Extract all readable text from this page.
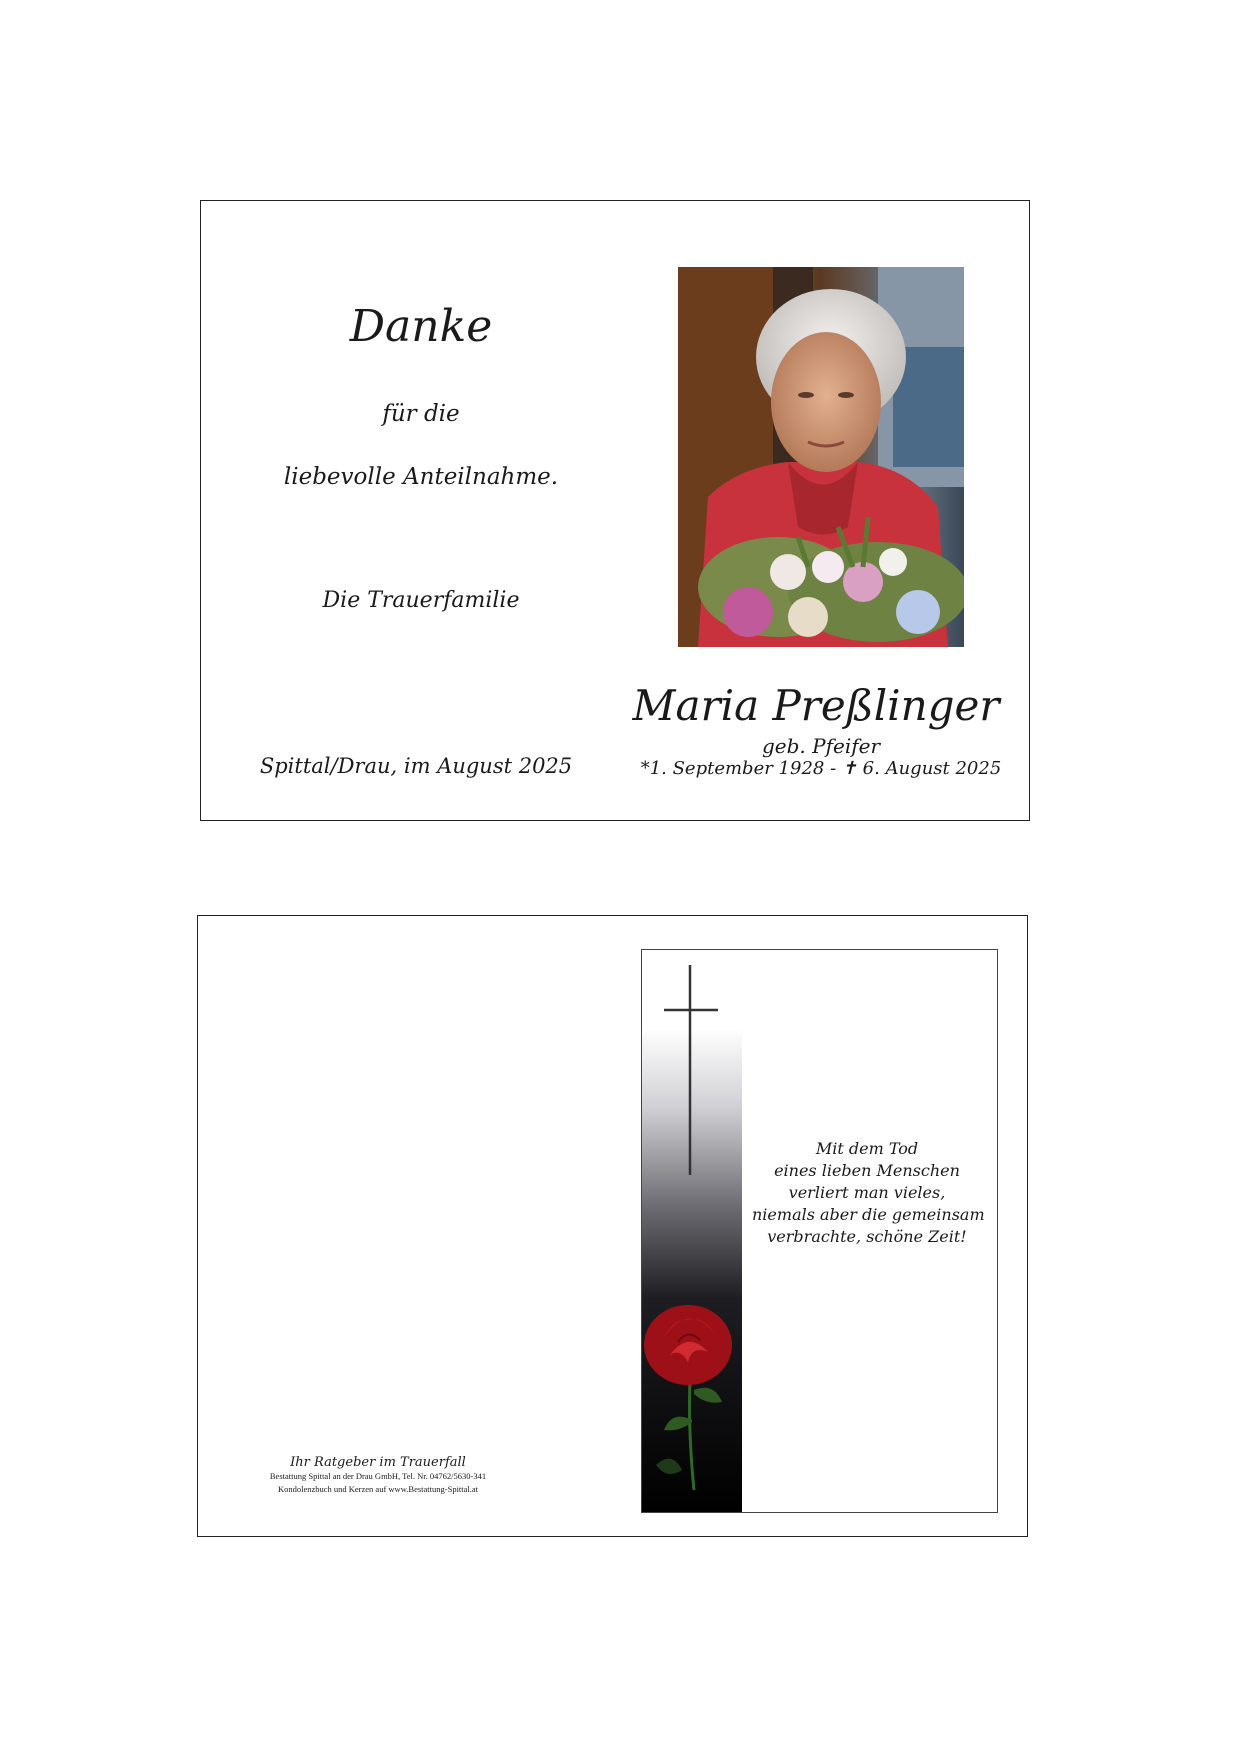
Danke
für die
liebevolle Anteilnahme.
Die Trauerfamilie
Spittal/Drau, im August 2025
Maria Preßlinger
geb. Pfeifer
*1. September 1928 - ✝ 6. August 2025
Mit dem Tod
eines lieben Menschen
verliert man vieles,
niemals aber die gemeinsam
verbrachte, schöne Zeit!
Ihr Ratgeber im Trauerfall
Bestattung Spittal an der Drau GmbH, Tel. Nr. 04762/5630-341
Kondolenzbuch und Kerzen auf www.Bestattung-Spittal.at
